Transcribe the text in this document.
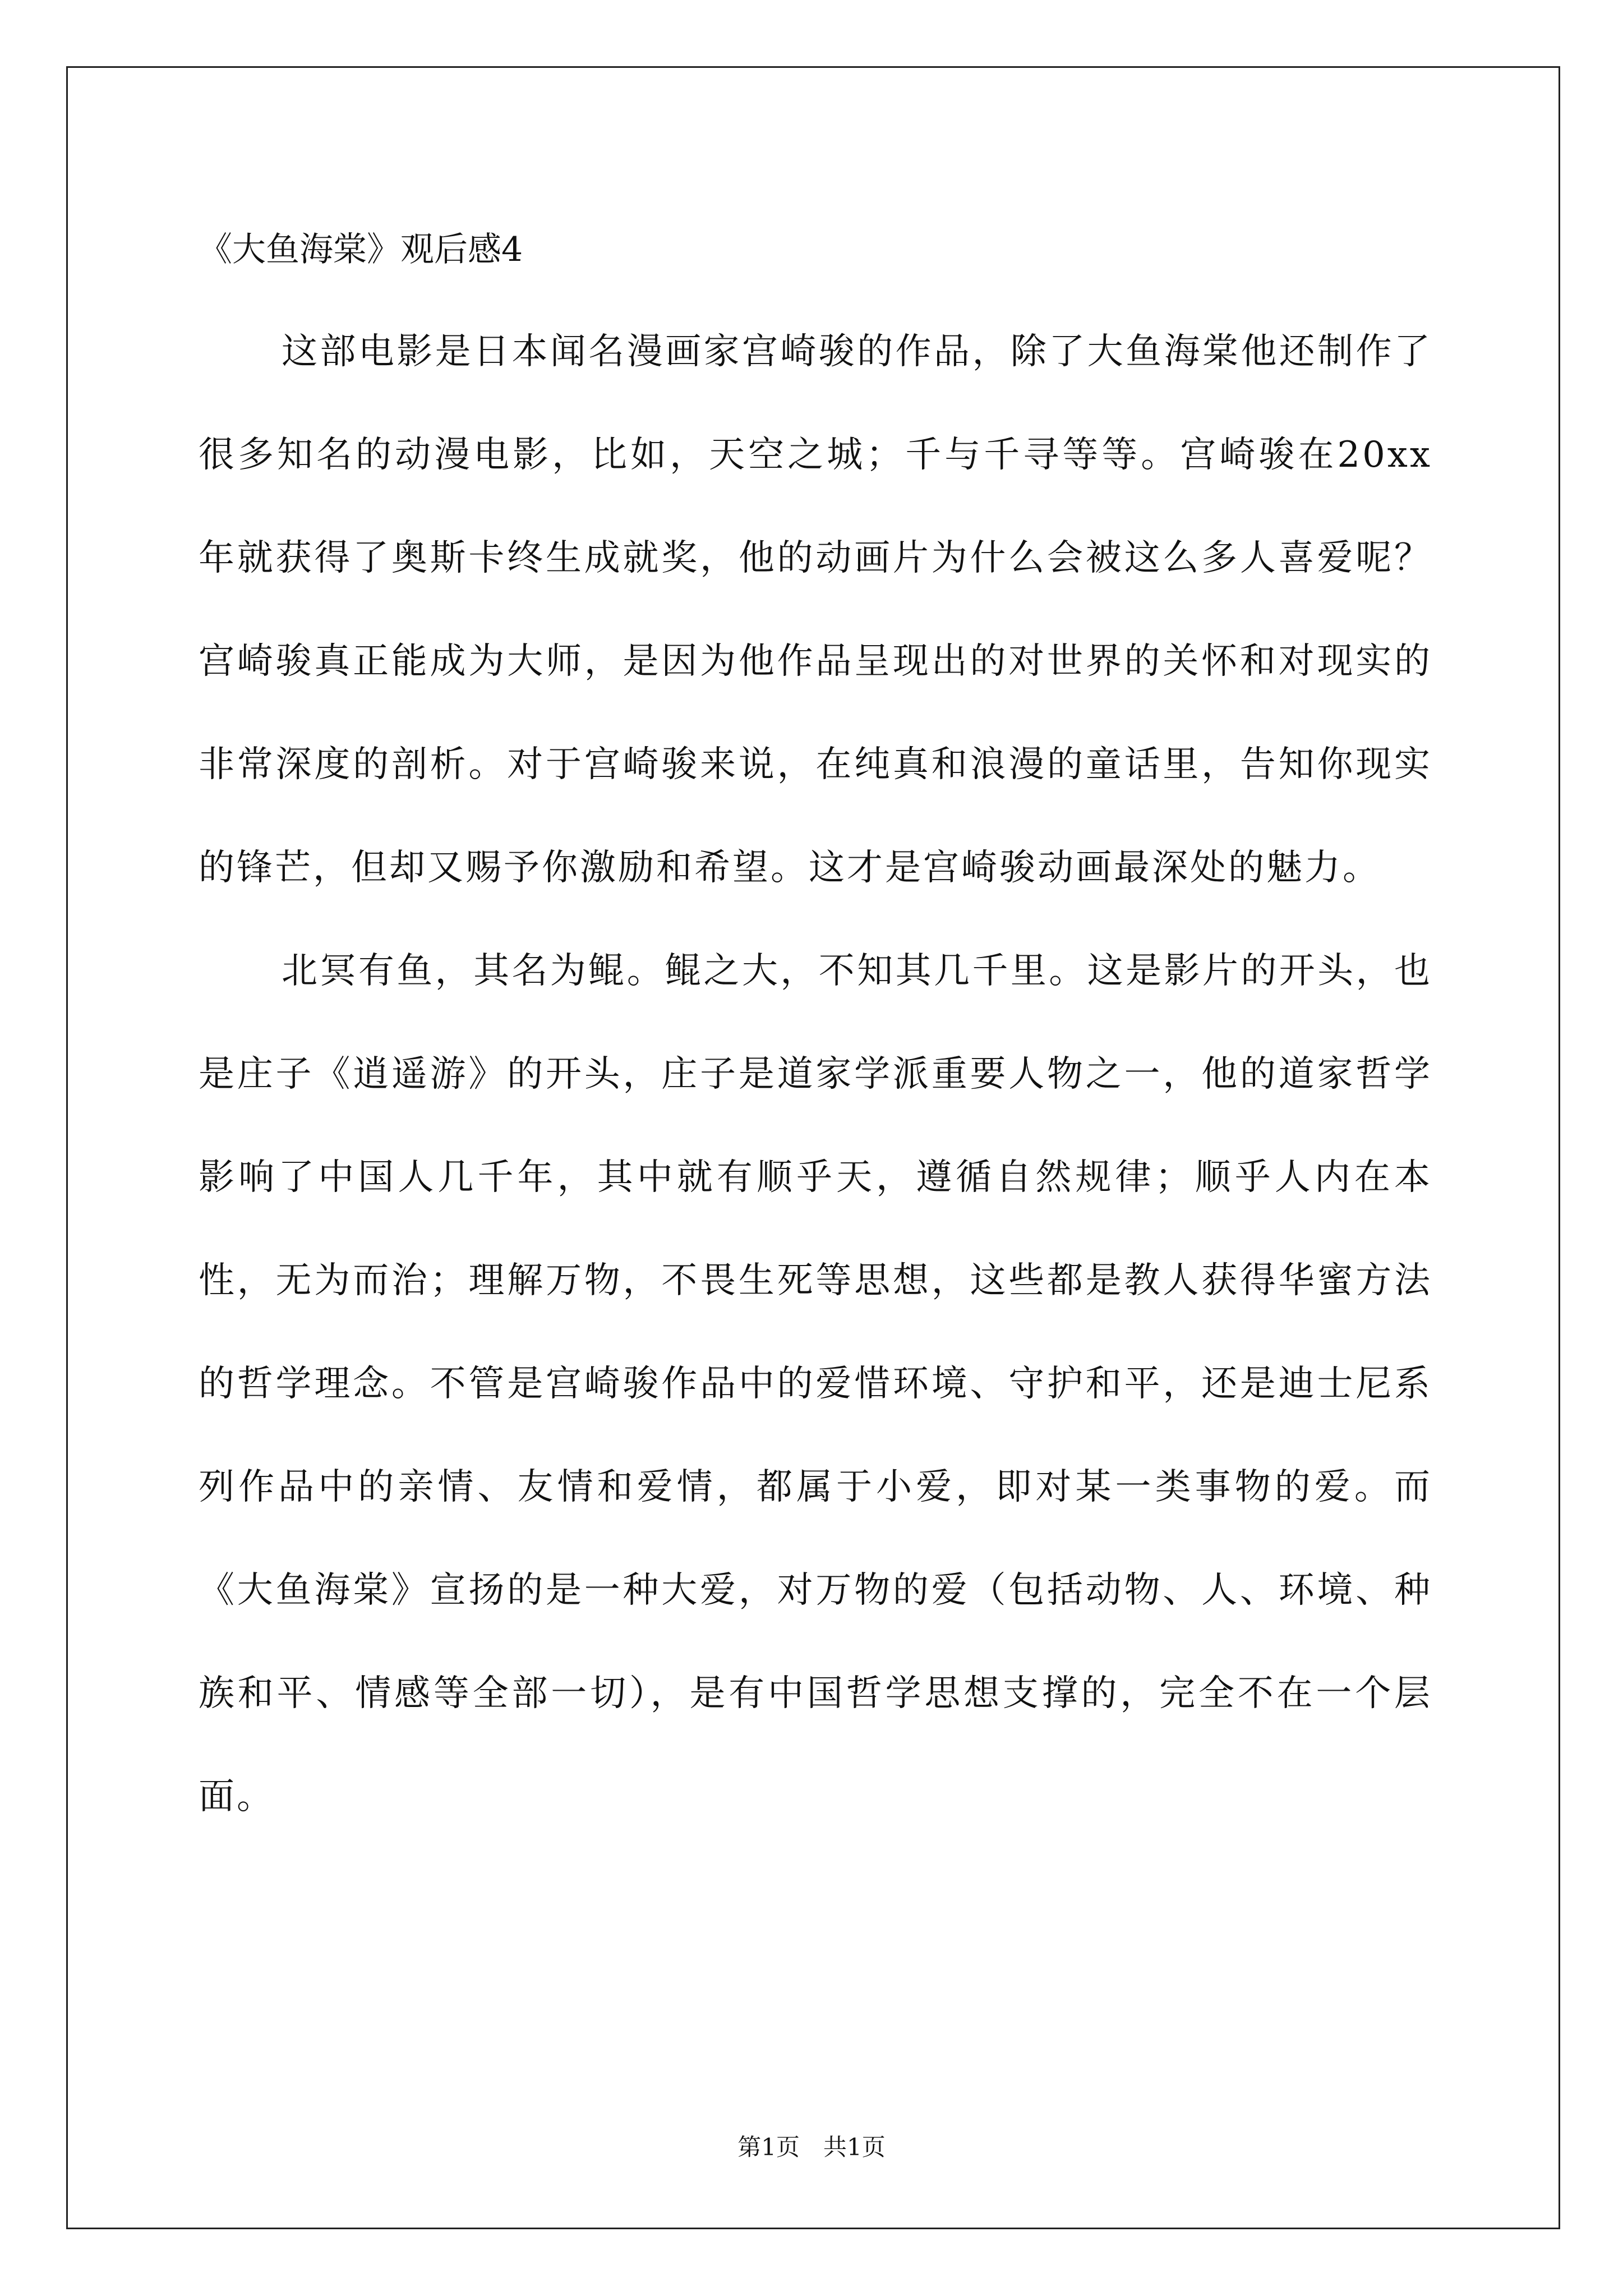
《大鱼海棠》观后感4

这部电影是日本闻名漫画家宫崎骏的作品，除了大鱼海棠他还制作了很多知名的动漫电影，比如，天空之城；千与千寻等等。宫崎骏在20xx年就获得了奥斯卡终生成就奖，他的动画片为什么会被这么多人喜爱呢？宫崎骏真正能成为大师，是因为他作品呈现出的对世界的关怀和对现实的非常深度的剖析。对于宫崎骏来说，在纯真和浪漫的童话里，告知你现实的锋芒，但却又赐予你激励和希望。这才是宫崎骏动画最深处的魅力。

北冥有鱼，其名为鲲。鲲之大，不知其几千里。这是影片的开头，也是庄子《逍遥游》的开头，庄子是道家学派重要人物之一，他的道家哲学影响了中国人几千年，其中就有顺乎天，遵循自然规律；顺乎人内在本性，无为而治；理解万物，不畏生死等思想，这些都是教人获得华蜜方法的哲学理念。不管是宫崎骏作品中的爱惜环境、守护和平，还是迪士尼系列作品中的亲情、友情和爱情，都属于小爱，即对某一类事物的爱。而《大鱼海棠》宣扬的是一种大爱，对万物的爱（包括动物、人、环境、种族和平、情感等全部一切），是有中国哲学思想支撑的，完全不在一个层面。

第1页　共1页
